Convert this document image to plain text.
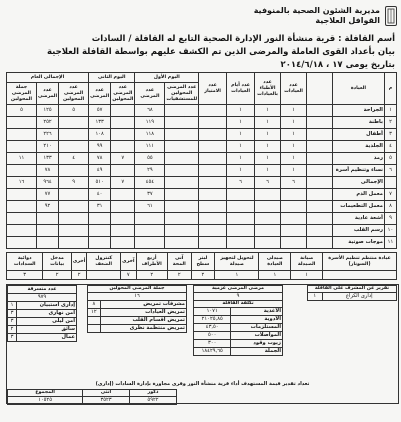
مديرية الشئون الصحية بالمنوفية
القوافل العلاجية
أسم القافلة : قرية منشأة النور الإدارة الصحية التابع له القافلة / السادات
بيان بأعداد القوى العاملة والمرضى الذين تم الكشف عليهم بواسطة القافلة العلاجية
بتاريخ يومى ١٧ ، ٢٠١٤/٦/١٨
الإجمالى العام			اليوم الثانى		اليوم الأول		عدد الامتياز	عدد أيام العيادات	عدد الأطباء بالعيادات	عدد العيادات		العيادة	م
جملة المرضى المحولين	عدد المرضى	عدد المرضى المحولين	عدد المرضى	عدد المرضى المحولين	عدد المرضى	عدد المرضى المحولين للمستشفيات							
٥	١٢٥	٥	٥٧		٦٨			١	١	١		الجراحة	١
	٢٥٢		١٣٣		١١٩			١	١	١		باطنة	٢
	٢٢٦		١٠٨		١١٨			١	١	١		أطفال	٣
	٢١٠		٩٩		١١١			١	١	١		الجلدية	٤
١١	١٣٣	٤	٧٨	٧	٥٥			١	١	١		رمد	٥
	٧٨		٤٩		٢٩			١	١	١		نساء وتنظيم أسرة	٦
١٦	٩٦٤	٩	٥١٠	٧	٤٥٤			٦	٦	٦		الإجمالى	
	٧٧		٤٠		٣٧							معمل الدم	٧
	٩٢		٣١		٦١							معمل التطعيمات	٨
												أشعة عادية	٩
												رسم القلب	١٠
												موجات صوتية	١١
دوائية السدادات	مدخل بيانات	أخرى	كنترول الضعف	آخرى	أربع الأطراف	آنى المحة	لبتر سطح	لتحويل لتجهيز صيدلة	صيدلى العيادة	صيانة الصيدلة	عيادة منتظم تنظيم الأسرة (السونار)
٣	٢	٢		٧	٢	٢	٢	١	١	١	
عدد متسرقة	
٩٧٩	
١	إدارى استبيان
٣	أمن نهارى
٣	أمن ليلى
٢	سائق
٣	عمال
جملة المرضى المحولين	
١٦	
٨	مشرفات تمريض
١٢	تمريض العيادات
	تمريض أقسام القلب
	تمريض منتظمة نظرى
مرضى المرضى عزمية	
٩	
تكلفة القافلة	
١٠٧١	الأغذية
٢١٠٢٥,٨٥	الأدوية
٤٣,٥٠	المستلزمات
٥٠٠	المواصلات
٣٠٠	زيوت وقود
١٨٤٢٩,٦٥	الجملة
تقرير عن المشرف على القافلة
١	إدارى الكراع
تعداد تقدير قيمة المستهدف أداء قرية منشأة النور وقرى مجاورة بإدارة السادات (إدارى)
المجموع	أنثى	ذكور
١٠٥٢٥	٣٥٢٣	٥٩٢٢
